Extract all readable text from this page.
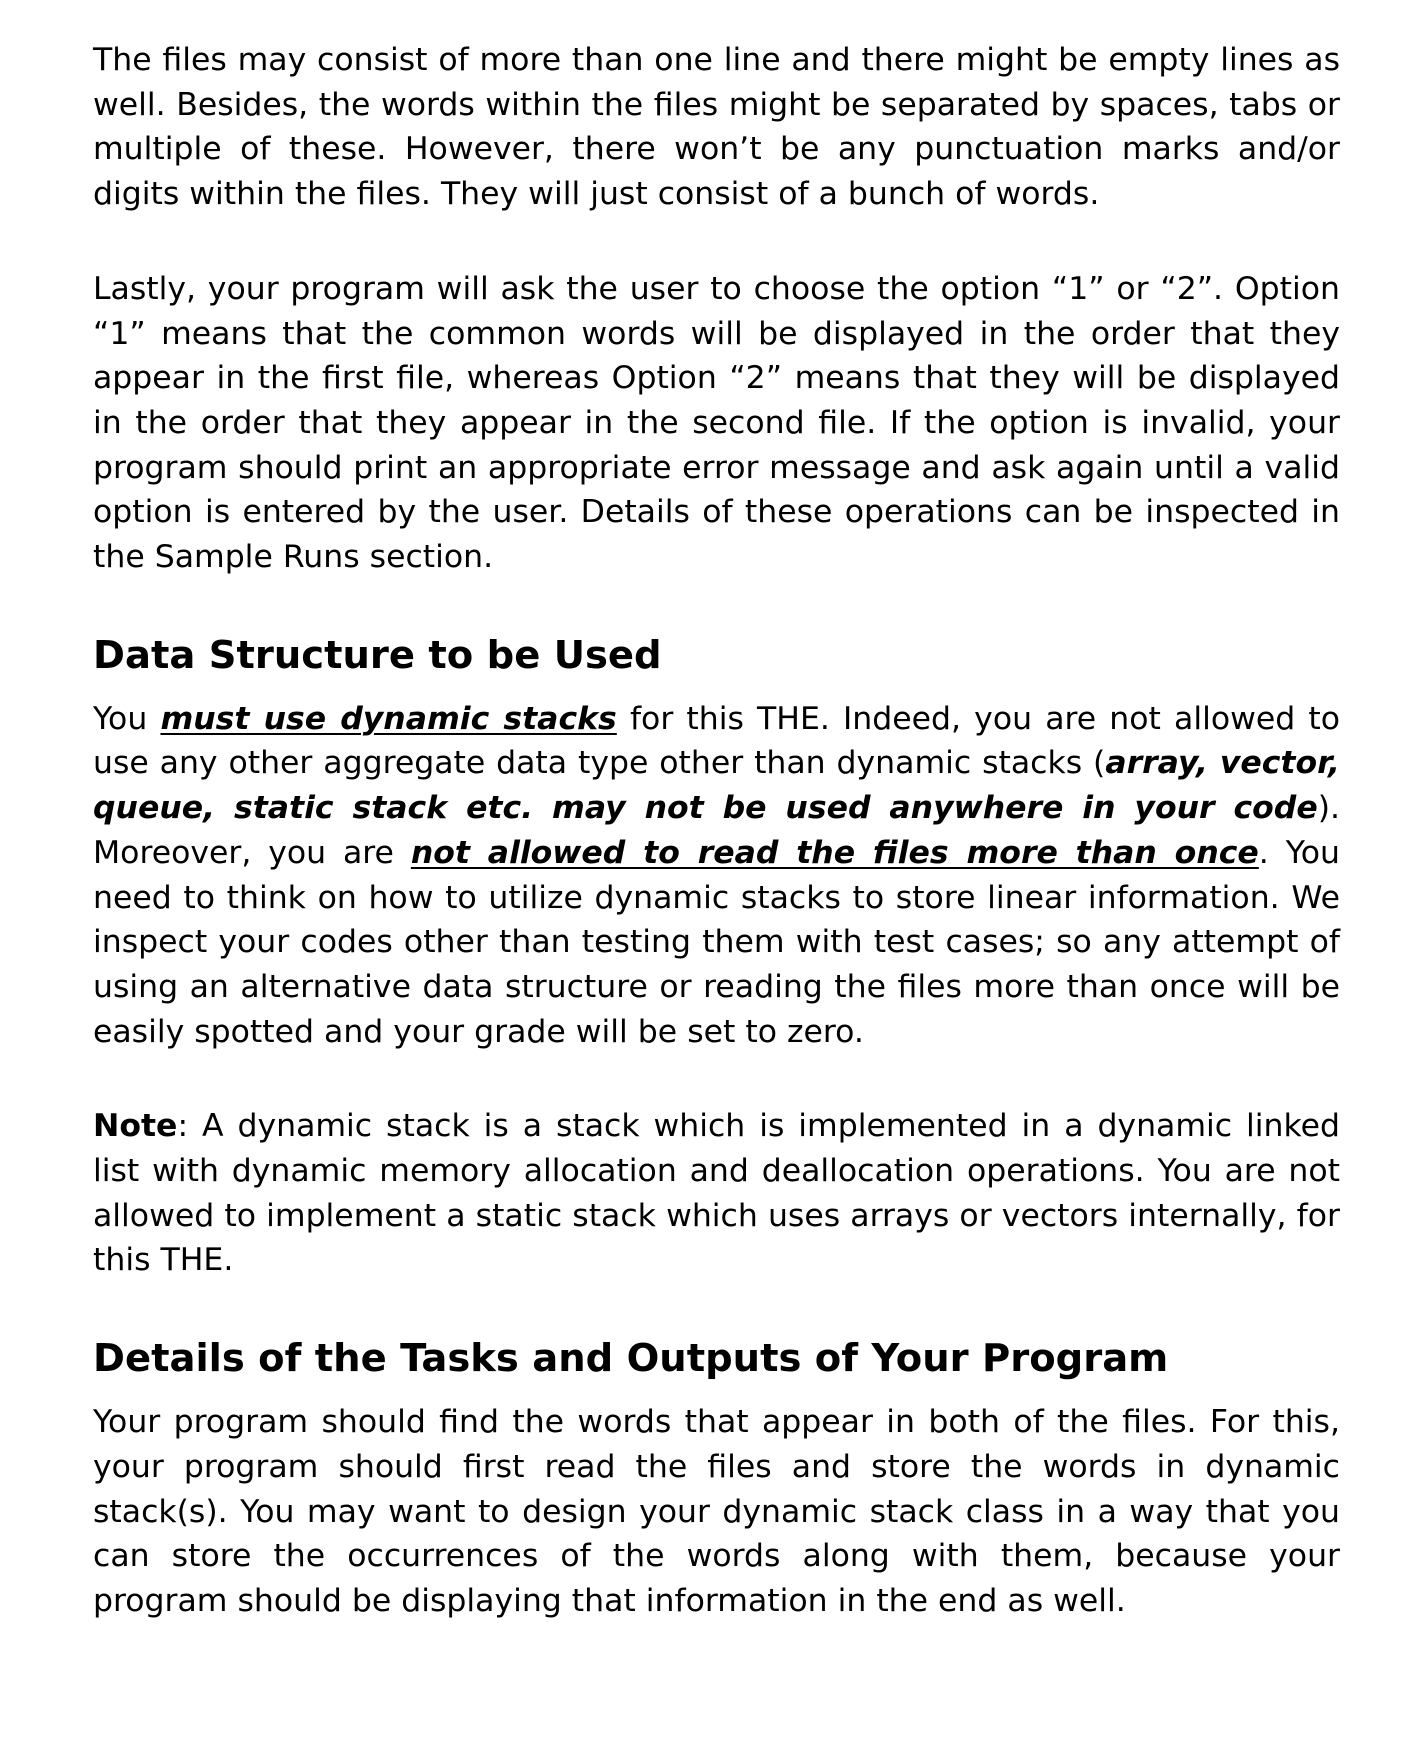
The files may consist of more than one line and there might be empty lines as well. Besides, the words within the files might be separated by spaces, tabs or multiple of these. However, there won’t be any punctuation marks and/or digits within the files. They will just consist of a bunch of words.

Lastly, your program will ask the user to choose the option “1” or “2”. Option “1” means that the common words will be displayed in the order that they appear in the first file, whereas Option “2” means that they will be displayed in the order that they appear in the second file. If the option is invalid, your program should print an appropriate error message and ask again until a valid option is entered by the user. Details of these operations can be inspected in the Sample Runs section.

Data Structure to be Used

You must use dynamic stacks for this THE. Indeed, you are not allowed to use any other aggregate data type other than dynamic stacks (array, vector, queue, static stack etc. may not be used anywhere in your code). Moreover, you are not allowed to read the files more than once. You need to think on how to utilize dynamic stacks to store linear information. We inspect your codes other than testing them with test cases; so any attempt of using an alternative data structure or reading the files more than once will be easily spotted and your grade will be set to zero.

Note: A dynamic stack is a stack which is implemented in a dynamic linked list with dynamic memory allocation and deallocation operations. You are not allowed to implement a static stack which uses arrays or vectors internally, for this THE.

Details of the Tasks and Outputs of Your Program

Your program should find the words that appear in both of the files. For this, your program should first read the files and store the words in dynamic stack(s). You may want to design your dynamic stack class in a way that you can store the occurrences of the words along with them, because your program should be displaying that information in the end as well.
